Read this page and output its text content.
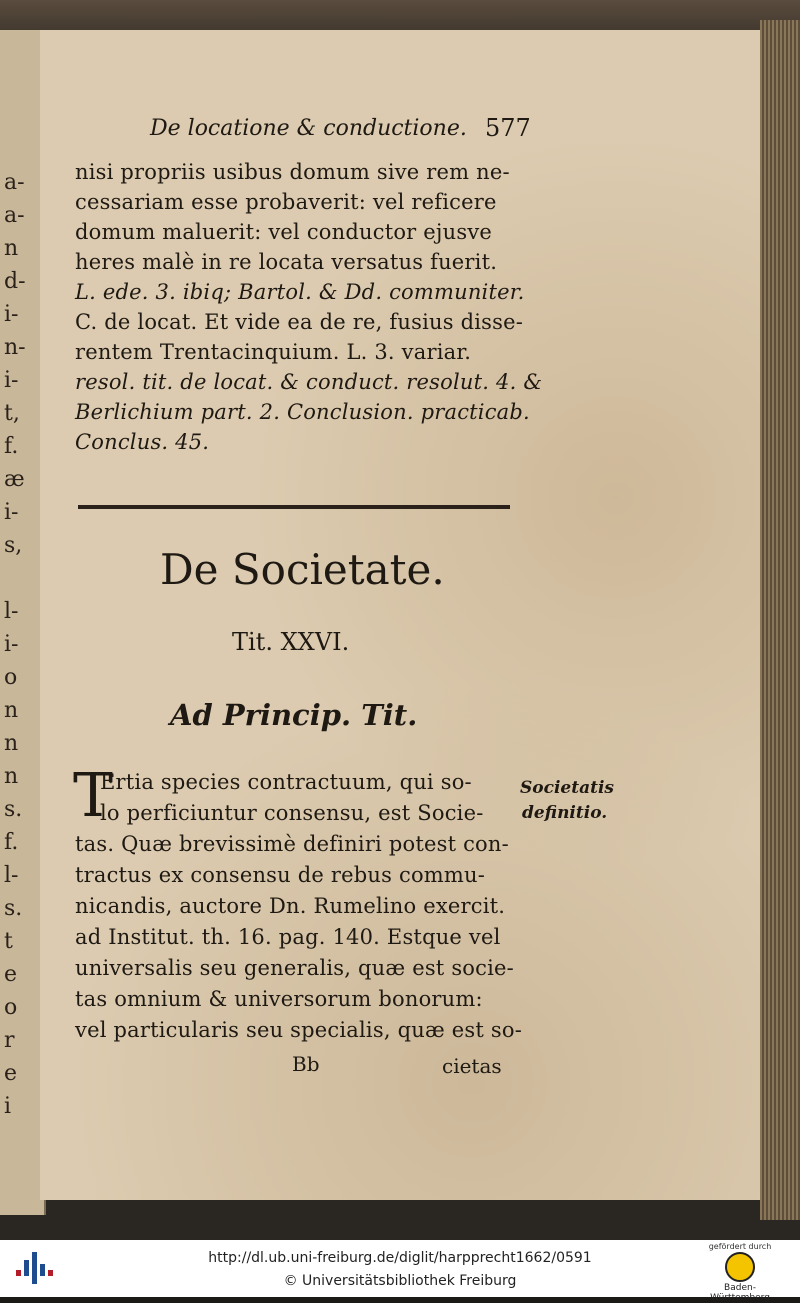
a-
a-
n
d-
i-
n-
i-
t,
f.
æ
i-
s,
l-
i-
o
n
n
n
s.
f.
l-
s.
t
e
o
r
e
i
De locatione & conductione. 577
nisi propriis usibus domum sive rem ne-
cessariam esse probaverit: vel reficere
domum maluerit: vel conductor ejusve
heres malè in re locata versatus fuerit.
L. ede. 3. ibiq; Bartol. & Dd. communiter.
C. de locat. Et vide ea de re, fusius disse-
rentem Trentacinquium. L. 3. variar.
resol. tit. de locat. & conduct. resolut. 4. &
Berlichium part. 2. Conclusion. practicab.
Conclus. 45.
De Societate.
Tit. XXVI.
Ad Princip. Tit.
T
Ertia species contractuum, qui so-
lo perficiuntur consensu, est Socie-
tas. Quæ brevissimè definiri potest con-
tractus ex consensu de rebus commu-
nicandis, auctore Dn. Rumelino exercit.
ad Institut. th. 16. pag. 140. Estque vel
universalis seu generalis, quæ est socie-
tas omnium & universorum bonorum:
vel particularis seu specialis, quæ est so-
Societatis
definitio.
Bb	cietas
http://dl.ub.uni-freiburg.de/diglit/harpprecht1662/0591
© Universitätsbibliothek Freiburg
gefördert durch
Baden-Württemberg
